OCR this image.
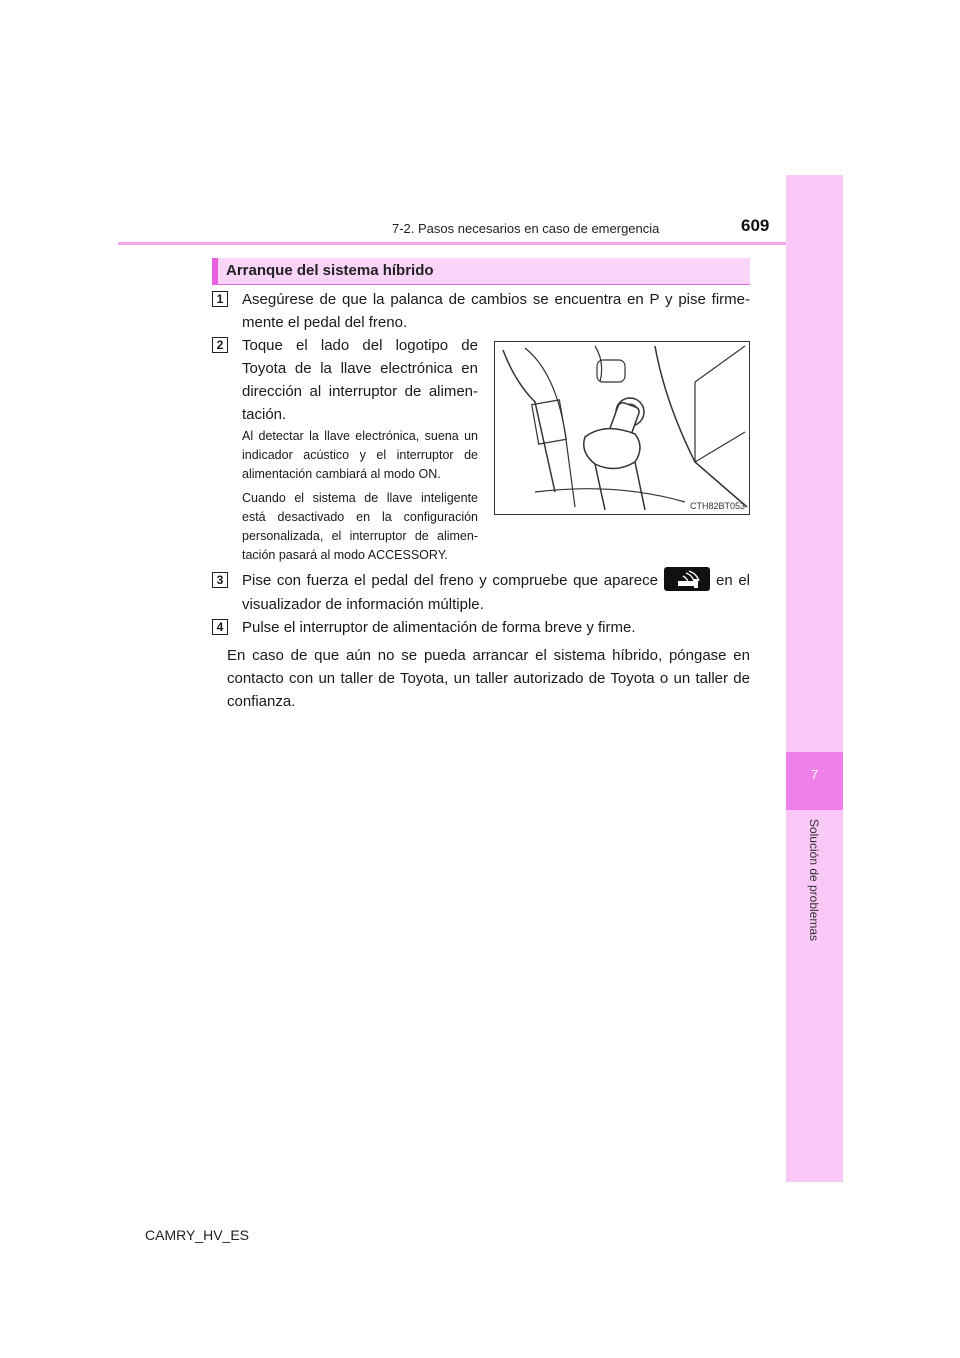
7
Solución de problemas
7-2. Pasos necesarios en caso de emergencia	609
Arranque del sistema híbrido
1	Asegúrese de que la palanca de cambios se encuentra en P y pise firme-mente el pedal del freno.
2	Toque el lado del logotipo de Toyota de la llave electrónica en dirección al interruptor de alimen-tación.
Al detectar la llave electrónica, suena un indicador acústico y el interruptor de alimentación cambiará al modo ON.
Cuando el sistema de llave inteligente está desactivado en la configuración personalizada, el interruptor de alimen-tación pasará al modo ACCESSORY.
CTH82BT053
3	Pise con fuerza el pedal del freno y compruebe que aparece	en el visualizador de información múltiple.
4	Pulse el interruptor de alimentación de forma breve y firme.
En caso de que aún no se pueda arrancar el sistema híbrido, póngase en contacto con un taller de Toyota, un taller autorizado de Toyota o un taller de confianza.
CAMRY_HV_ES
